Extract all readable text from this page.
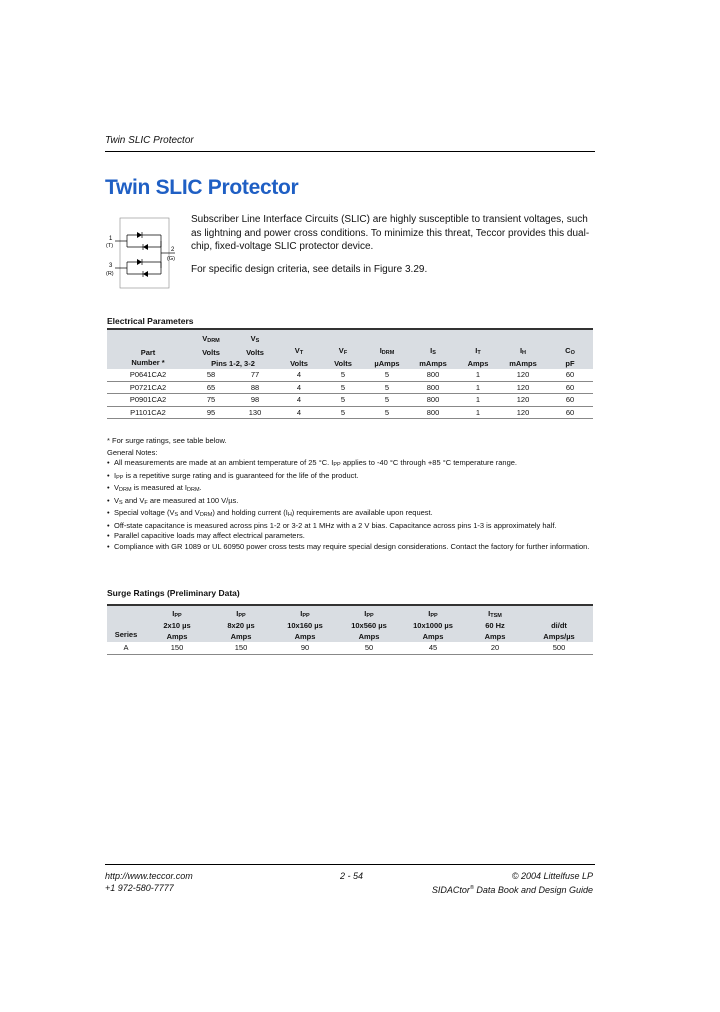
Twin SLIC Protector
Twin SLIC Protector
1
(T)
2
(G)
3
(R)

Subscriber Line Interface Circuits (SLIC) are highly susceptible to transient voltages, such as lightning and power cross conditions. To minimize this threat, Teccor provides this dual-chip, fixed-voltage SLIC protector device.

For specific design criteria, see details in Figure 3.29.

Electrical Parameters

	$V_{DRM}$	$V_S$	
Part	Volts	Volts	$V_T$	$V_F$	$I_{DRM}$	$I_S$	$I_T$	$I_H$	$C_O$
Number *	Pins 1-2, 3-2		Volts	Volts	µAmps	mAmps	Amps	mAmps	pF
P0641CA2	58	77	4	5	5	800	1	120	60
P0721CA2	65	88	4	5	5	800	1	120	60
P0901CA2	75	98	4	5	5	800	1	120	60
P1101CA2	95	130	4	5	5	800	1	120	60
* For surge ratings, see table below.
General Notes:
• All measurements are made at an ambient temperature of 25 °C. $I_{PP}$ applies to -40 °C through +85 °C temperature range.
• $I_{PP}$ is a repetitive surge rating and is guaranteed for the life of the product.
• $V_{DRM}$ is measured at $I_{DRM}$.
• $V_S$ and $V_F$ are measured at 100 V/µs.
• Special voltage ($V_S$ and $V_{DRM}$) and holding current $(I_H)$ requirements are available upon request.
• Off-state capacitance is measured across pins 1-2 or 3-2 at 1 MHz with a 2 V bias. Capacitance across pins 1-3 is approximately half.
• Parallel capacitive loads may affect electrical parameters.
• Compliance with GR 1089 or UL 60950 power cross tests may require special design considerations. Contact the factory for further information.
Surge Ratings (Preliminary Data)

	$I_{PP}$	$I_{PP}$	$I_{PP}$	$I_{PP}$	$I_{PP}$	$I_{TSM}$	
	2x10 µs	8x20 µs	10x160 µs	10x560 µs	10x1000 µs	60 Hz	di/dt
Series	Amps	Amps	Amps	Amps	Amps	Amps	Amps/µs
A	150	150	90	50	45	20	500
http://www.teccor.com
+1 972-580-7777
2 - 54	© 2004 Littelfuse LP
SIDACtor® Data Book and Design Guide
